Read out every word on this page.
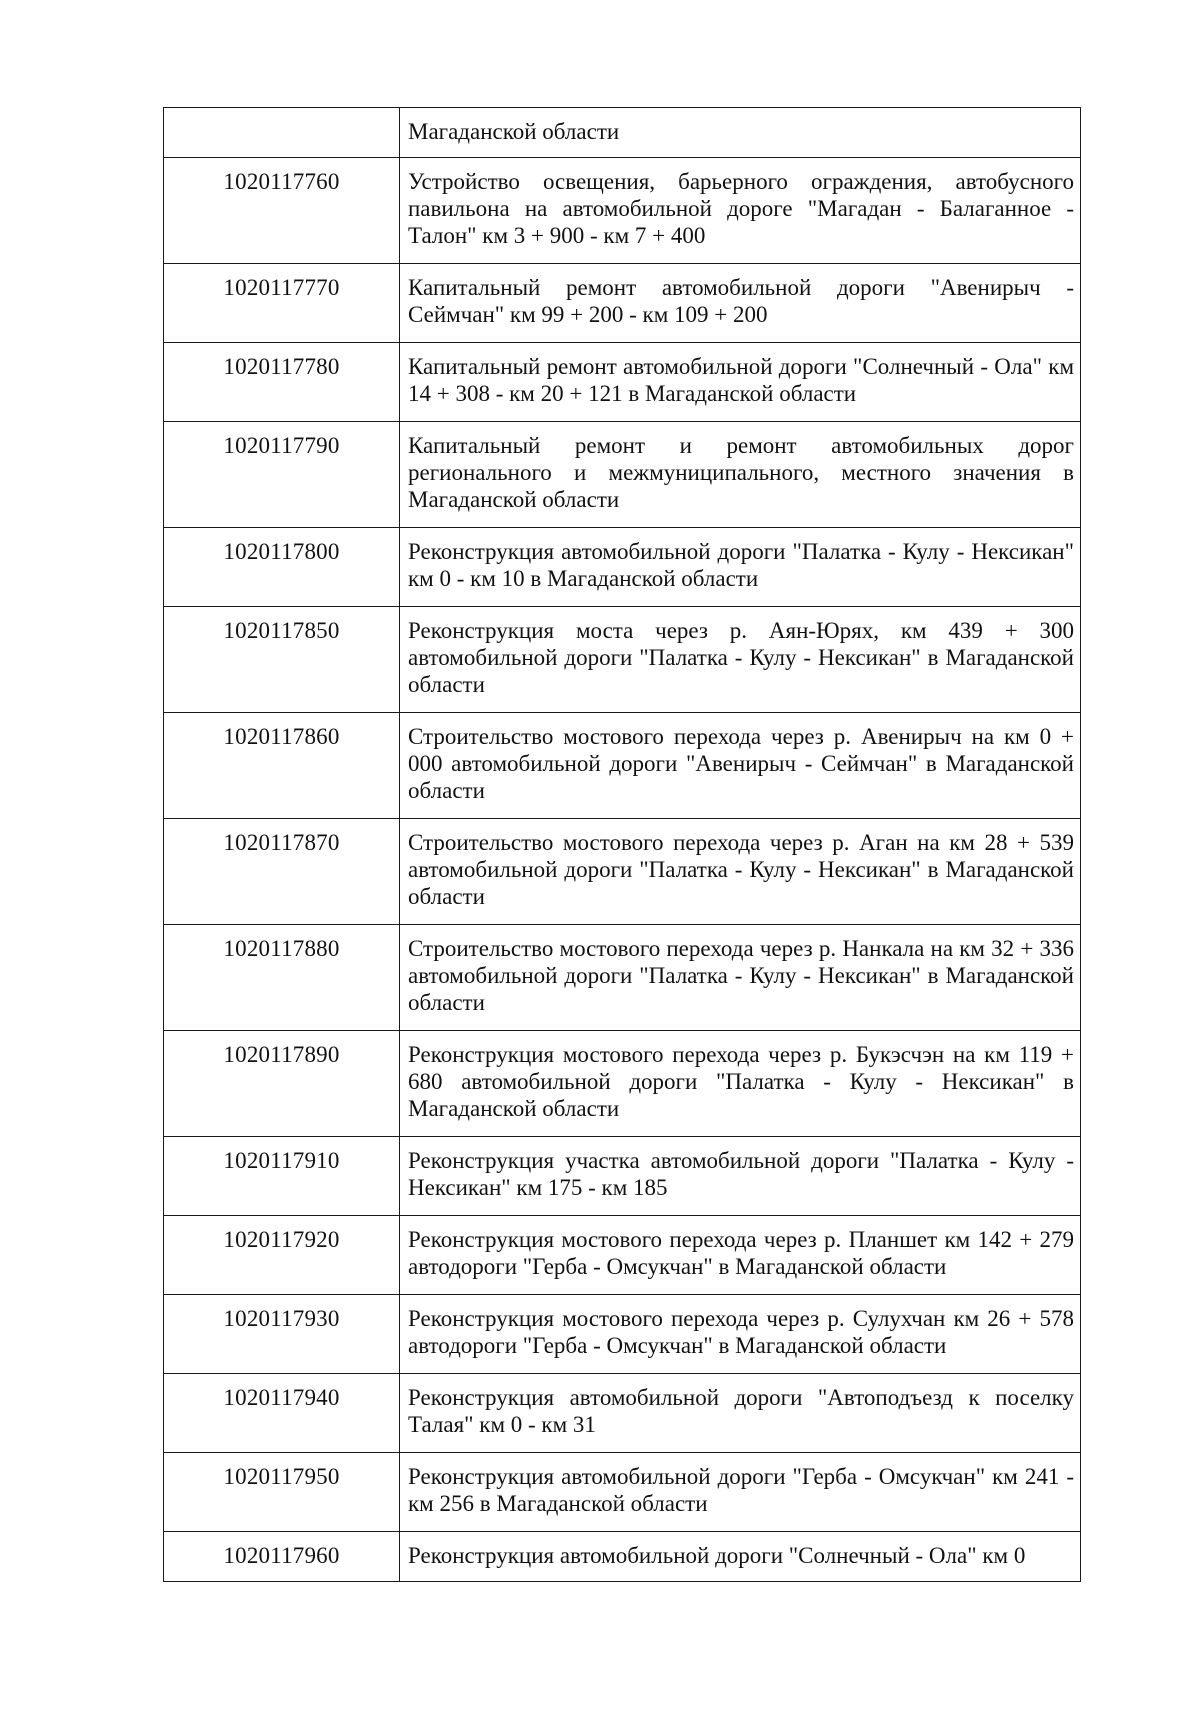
	Магаданской области
1020117760	Устройство освещения, барьерного ограждения, автобусного павильона на автомобильной дороге "Магадан - Балаганное - Талон" км 3 + 900 - км 7 + 400
1020117770	Капитальный ремонт автомобильной дороги "Авенирыч - Сеймчан" км 99 + 200 - км 109 + 200
1020117780	Капитальный ремонт автомобильной дороги "Солнечный - Ола" км 14 + 308 - км 20 + 121 в Магаданской области
1020117790	Капитальный ремонт и ремонт автомобильных дорог регионального и межмуниципального, местного значения в Магаданской области
1020117800	Реконструкция автомобильной дороги "Палатка - Кулу - Нексикан" км 0 - км 10 в Магаданской области
1020117850	Реконструкция моста через р. Аян-Юрях, км 439 + 300 автомобильной дороги "Палатка - Кулу - Нексикан" в Магаданской области
1020117860	Строительство мостового перехода через р. Авенирыч на км 0 + 000 автомобильной дороги "Авенирыч - Сеймчан" в Магаданской области
1020117870	Строительство мостового перехода через р. Аган на км 28 + 539 автомобильной дороги "Палатка - Кулу - Нексикан" в Магаданской области
1020117880	Строительство мостового перехода через р. Нанкала на км 32 + 336 автомобильной дороги "Палатка - Кулу - Нексикан" в Магаданской области
1020117890	Реконструкция мостового перехода через р. Букэсчэн на км 119 + 680 автомобильной дороги "Палатка - Кулу - Нексикан" в Магаданской области
1020117910	Реконструкция участка автомобильной дороги "Палатка - Кулу - Нексикан" км 175 - км 185
1020117920	Реконструкция мостового перехода через р. Планшет км 142 + 279 автодороги "Герба - Омсукчан" в Магаданской области
1020117930	Реконструкция мостового перехода через р. Сулухчан км 26 + 578 автодороги "Герба - Омсукчан" в Магаданской области
1020117940	Реконструкция автомобильной дороги "Автоподъезд к поселку Талая" км 0 - км 31
1020117950	Реконструкция автомобильной дороги "Герба - Омсукчан" км 241 - км 256 в Магаданской области
1020117960	Реконструкция автомобильной дороги "Солнечный - Ола" км 0
